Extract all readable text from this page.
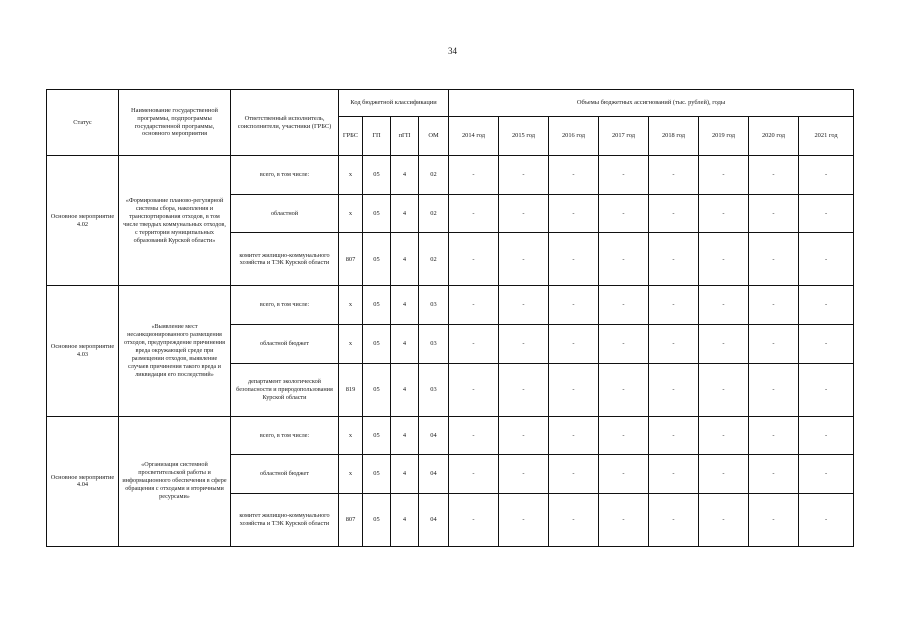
34
Статус	Наименование государственной программы, подпрограммы государственной программы, основного мероприятия	Ответственный исполнитель, соисполнители, участники (ГРБС)	Код бюджетной классификации				Объемы бюджетных ассигнований (тыс. рублей), годы							
			ГРБС	ГП	пГП	ОМ	2014 год	2015 год	2016 год	2017 год	2018 год	2019 год	2020 год	2021 год
Основное мероприятие 4.02	«Формирование планово-регулярной системы сбора, накопления и транспортирования отходов, в том числе твердых коммунальных отходов, с территории муниципальных образований Курской области»	всего, в том числе:	x	05	4	02	-	-	-	-	-	-	-	-
		областной	x	05	4	02	-	-	-	-	-	-	-	-
		комитет жилищно-коммунального хозяйства и ТЭК Курской области	807	05	4	02	-	-	-	-	-	-	-	-
Основное мероприятие 4.03	«Выявление мест несанкционированного размещения отходов, предупреждение причинения вреда окружающей среде при размещении отходов, выявление случаев причинения такого вреда и ликвидация его последствий»	всего, в том числе:	x	05	4	03	-	-	-	-	-	-	-	-
		областной бюджет	x	05	4	03	-	-	-	-	-	-	-	-
		департамент экологической безопасности и природопользования Курской области	819	05	4	03	-	-	-	-	-	-	-	-
Основное мероприятие 4.04	«Организация системной просветительской работы и информационного обеспечения в сфере обращения с отходами и вторичными ресурсами»	всего, в том числе:	x	05	4	04	-	-	-	-	-	-	-	-
		областной бюджет	x	05	4	04	-	-	-	-	-	-	-	-
		комитет жилищно-коммунального хозяйства и ТЭК Курской области	807	05	4	04	-	-	-	-	-	-	-	-
